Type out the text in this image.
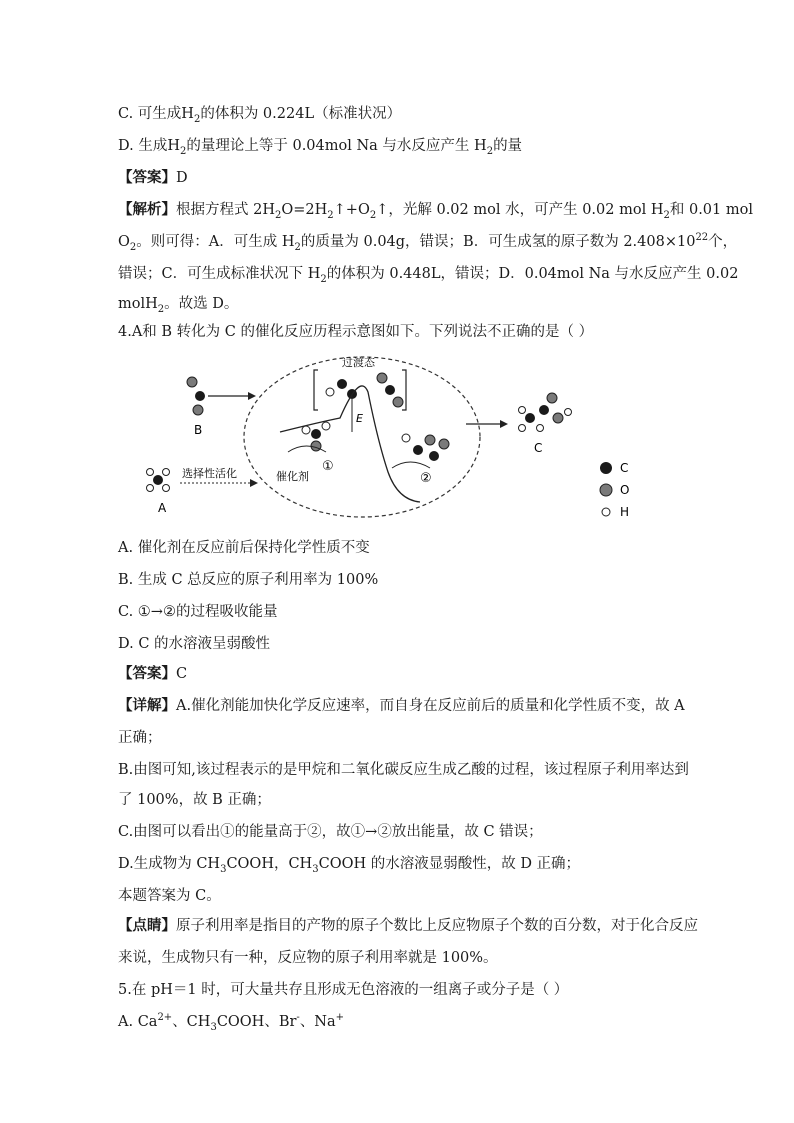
C. 可生成$H_2$的体积为 0.224L（标准状况）
D. 生成$H_2$的量理论上等于 0.04mol Na 与水反应产生 $H_2$的量
【答案】D
【解析】根据方程式 $2H_2O=2H_2↑+O_2↑$，光解 0.02 mol 水，可产生 0.02 mol $H_2$和 0.01 mol
$O_2$。则可得：A．可生成 $H_2$的质量为 0.04g，错误；B．可生成氢的原子数为 $2.408\times 10^{22}$个，
错误；C．可生成标准状况下 $H_2$的体积为 0.448L，错误；D．0.04mol Na 与水反应产生 0.02
molH$_2$。故选 D。
4.A和 B 转化为 C 的催化反应历程示意图如下。下列说法不正确的是（ ）
B
A
选择性活化
过渡态
E
催化剂
①
②
C
C
O
H
A. 催化剂在反应前后保持化学性质不变
B. 生成 C 总反应的原子利用率为 100%
C. ①→②的过程吸收能量
D. C 的水溶液呈弱酸性
【答案】C
【详解】A.催化剂能加快化学反应速率，而自身在反应前后的质量和化学性质不变，故 A
正确；
B.由图可知,该过程表示的是甲烷和二氧化碳反应生成乙酸的过程，该过程原子利用率达到
了 100%，故 B 正确；
C.由图可以看出①的能量高于②，故①→②放出能量，故 C 错误；
D.生成物为 $CH_3COOH$，$CH_3COOH$ 的水溶液显弱酸性，故 D 正确；
本题答案为 C。
【点睛】原子利用率是指目的产物的原子个数比上反应物原子个数的百分数，对于化合反应
来说，生成物只有一种，反应物的原子利用率就是 100%。
5.在 pH＝1 时，可大量共存且形成无色溶液的一组离子或分子是（ ）
A. $Ca^{2+}$、$CH_3COOH$、Br-、Na+
